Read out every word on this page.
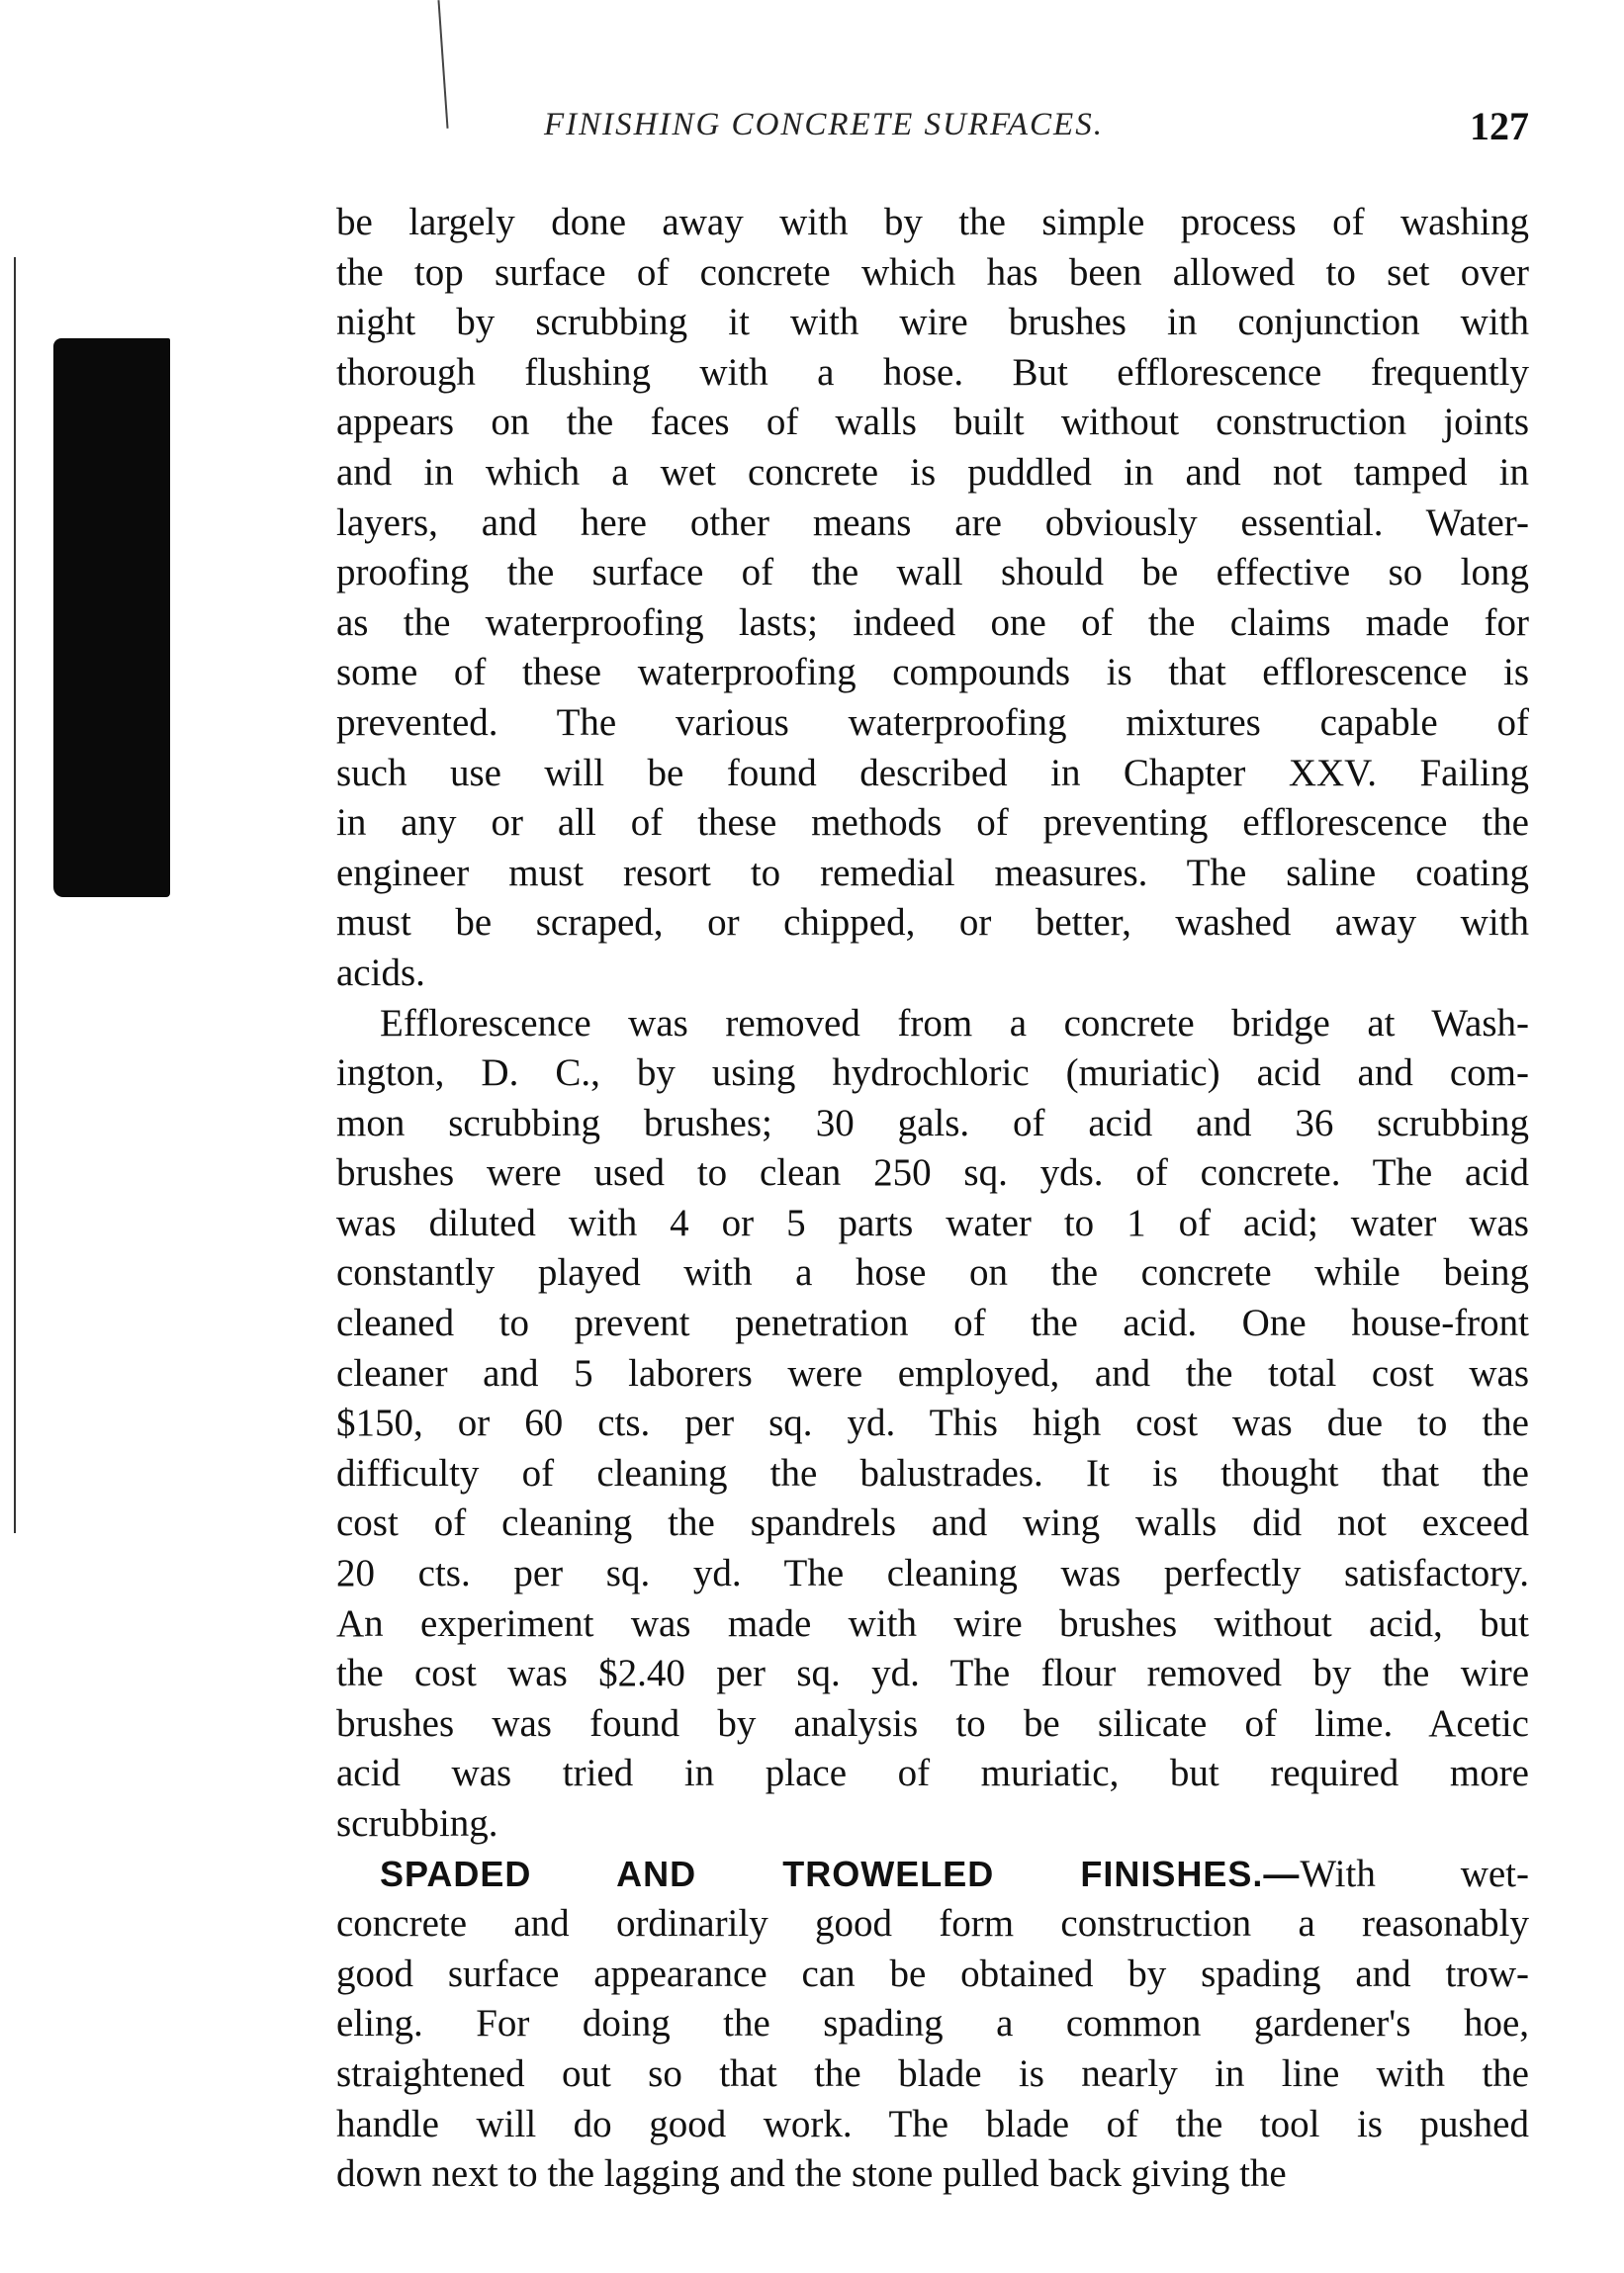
FINISHING CONCRETE SURFACES.	127
be largely done away with by the simple process of washing
the top surface of concrete which has been allowed to set over
night by scrubbing it with wire brushes in conjunction with
thorough flushing with a hose. But efflorescence frequently
appears on the faces of walls built without construction joints
and in which a wet concrete is puddled in and not tamped in
layers, and here other means are obviously essential. Water-
proofing the surface of the wall should be effective so long
as the waterproofing lasts; indeed one of the claims made for
some of these waterproofing compounds is that efflorescence is
prevented. The various waterproofing mixtures capable of
such use will be found described in Chapter XXV. Failing
in any or all of these methods of preventing efflorescence the
engineer must resort to remedial measures. The saline coating
must be scraped, or chipped, or better, washed away with
acids.
Efflorescence was removed from a concrete bridge at Wash-
ington, D. C., by using hydrochloric (muriatic) acid and com-
mon scrubbing brushes; 30 gals. of acid and 36 scrubbing
brushes were used to clean 250 sq. yds. of concrete. The acid
was diluted with 4 or 5 parts water to 1 of acid; water was
constantly played with a hose on the concrete while being
cleaned to prevent penetration of the acid. One house-front
cleaner and 5 laborers were employed, and the total cost was
$150, or 60 cts. per sq. yd. This high cost was due to the
difficulty of cleaning the balustrades. It is thought that the
cost of cleaning the spandrels and wing walls did not exceed
20 cts. per sq. yd. The cleaning was perfectly satisfactory.
An experiment was made with wire brushes without acid, but
the cost was $2.40 per sq. yd. The flour removed by the wire
brushes was found by analysis to be silicate of lime. Acetic
acid was tried in place of muriatic, but required more
scrubbing.
SPADED AND TROWELED FINISHES.—With wet-
concrete and ordinarily good form construction a reasonably
good surface appearance can be obtained by spading and trow-
eling. For doing the spading a common gardener's hoe,
straightened out so that the blade is nearly in line with the
handle will do good work. The blade of the tool is pushed
down next to the lagging and the stone pulled back giving the
